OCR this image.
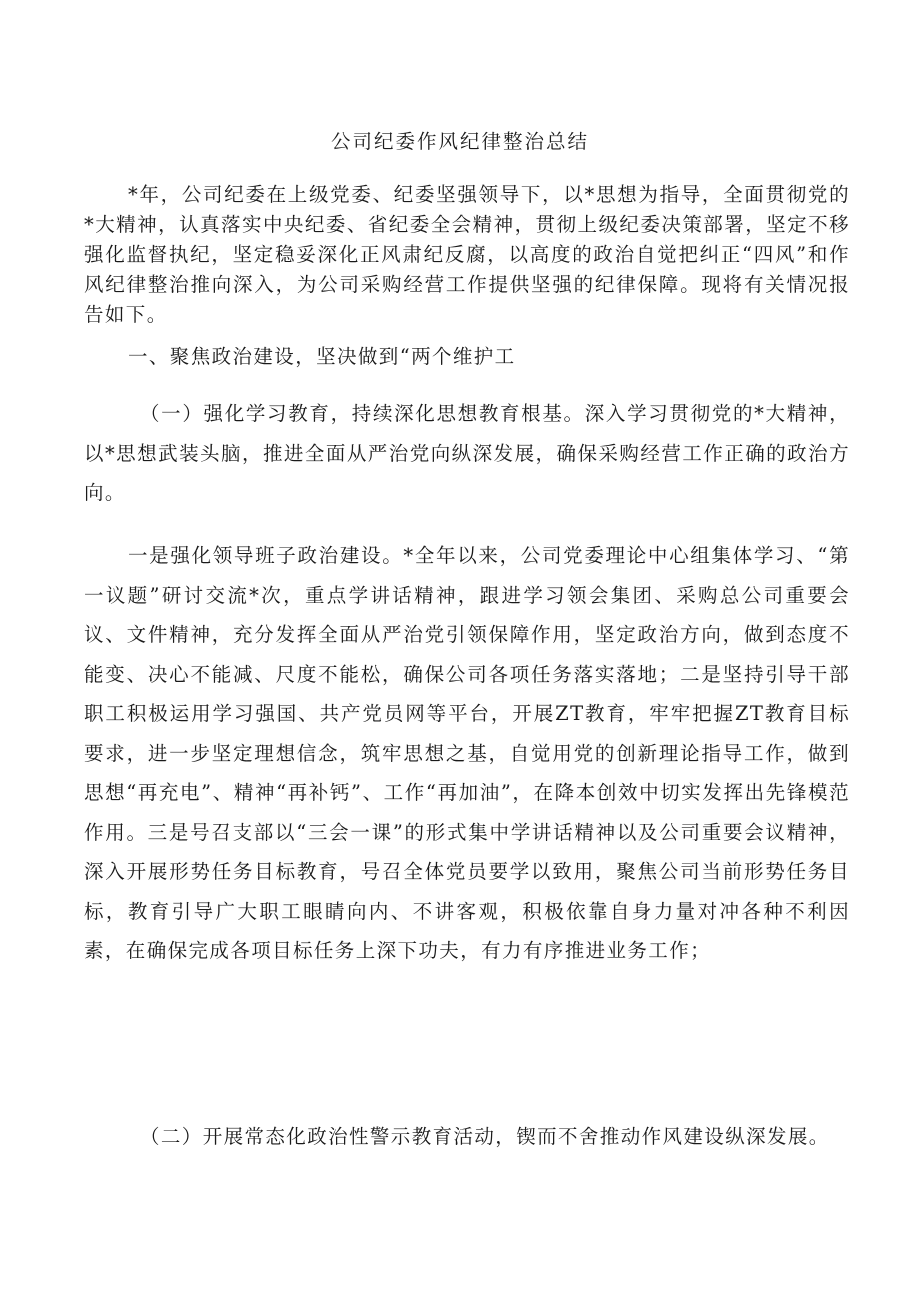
公司纪委作风纪律整治总结

*年，公司纪委在上级党委、纪委坚强领导下，以*思想为指导，全面贯彻党的*大精神，认真落实中央纪委、省纪委全会精神，贯彻上级纪委决策部署，坚定不移强化监督执纪，坚定稳妥深化正风肃纪反腐，以高度的政治自觉把纠正“四风”和作风纪律整治推向深入，为公司采购经营工作提供坚强的纪律保障。现将有关情况报告如下。

一、聚焦政治建设，坚决做到“两个维护工

（一）强化学习教育，持续深化思想教育根基。深入学习贯彻党的*大精神，以*思想武装头脑，推进全面从严治党向纵深发展，确保采购经营工作正确的政治方向。

一是强化领导班子政治建设。*全年以来，公司党委理论中心组集体学习、“第一议题”研讨交流*次，重点学讲话精神，跟进学习领会集团、采购总公司重要会议、文件精神，充分发挥全面从严治党引领保障作用，坚定政治方向，做到态度不能变、决心不能减、尺度不能松，确保公司各项任务落实落地；二是坚持引导干部职工积极运用学习强国、共产党员网等平台，开展ZT教育，牢牢把握ZT教育目标要求，进一步坚定理想信念，筑牢思想之基，自觉用党的创新理论指导工作，做到思想“再充电”、精神“再补钙”、工作“再加油”，在降本创效中切实发挥出先锋模范作用。三是号召支部以“三会一课”的形式集中学讲话精神以及公司重要会议精神，深入开展形势任务目标教育，号召全体党员要学以致用，聚焦公司当前形势任务目标，教育引导广大职工眼睛向内、不讲客观，积极依靠自身力量对冲各种不利因素，在确保完成各项目标任务上深下功夫，有力有序推进业务工作；

（二）开展常态化政治性警示教育活动，锲而不舍推动作风建设纵深发展。
